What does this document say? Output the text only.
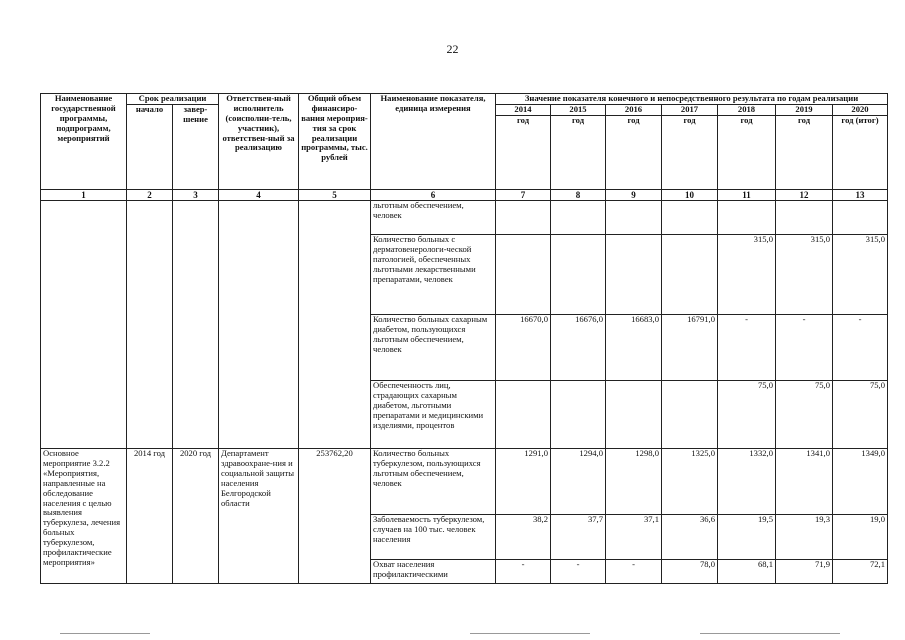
22
Наименование государственной программы, подпрограмм, мероприятий	Срок реализации		Ответствен-ный исполнитель (соисполни-тель, участник), ответствен-ный за реализацию	Общий объем финансиро-вания мероприя-тия за срок реализации программы, тыс. рублей	Наименование показателя, единица измерения	Значение показателя конечного и непосредственного результата по годам реализации						
	начало	завер-шение				2014	2015	2016	2017	2018	2019	2020
						год	год	год	год	год	год	год (итог)
1	2	3	4	5	6	7	8	9	10	11	12	13
					льготным обеспечением, человек							
					Количество больных с дерматовенерологи-ческой патологией, обеспеченных льготными лекарственными препаратами, человек					315,0	315,0	315,0
					Количество больных сахарным диабетом, пользующихся льготным обеспечением, человек	16670,0	16676,0	16683,0	16791,0	-	-	-
					Обеспеченность лиц, страдающих сахарным диабетом, льготными препаратами и медицинскими изделиями, процентов					75,0	75,0	75,0
Основное мероприятие 3.2.2 «Мероприятия, направленные на обследование населения с целью выявления туберкулеза, лечения больных туберкулезом, профилактические мероприятия»	2014 год	2020 год	Департамент здравоохране-ния и социальной защиты населения Белгородской области	253762,20	Количество больных туберкулезом, пользующихся льготным обеспечением, человек	1291,0	1294,0	1298,0	1325,0	1332,0	1341,0	1349,0
					Заболеваемость туберкулезом, случаев на 100 тыс. человек населения	38,2	37,7	37,1	36,6	19,5	19,3	19,0
					Охват населения профилактическими	-	-	-	78,0	68,1	71,9	72,1
